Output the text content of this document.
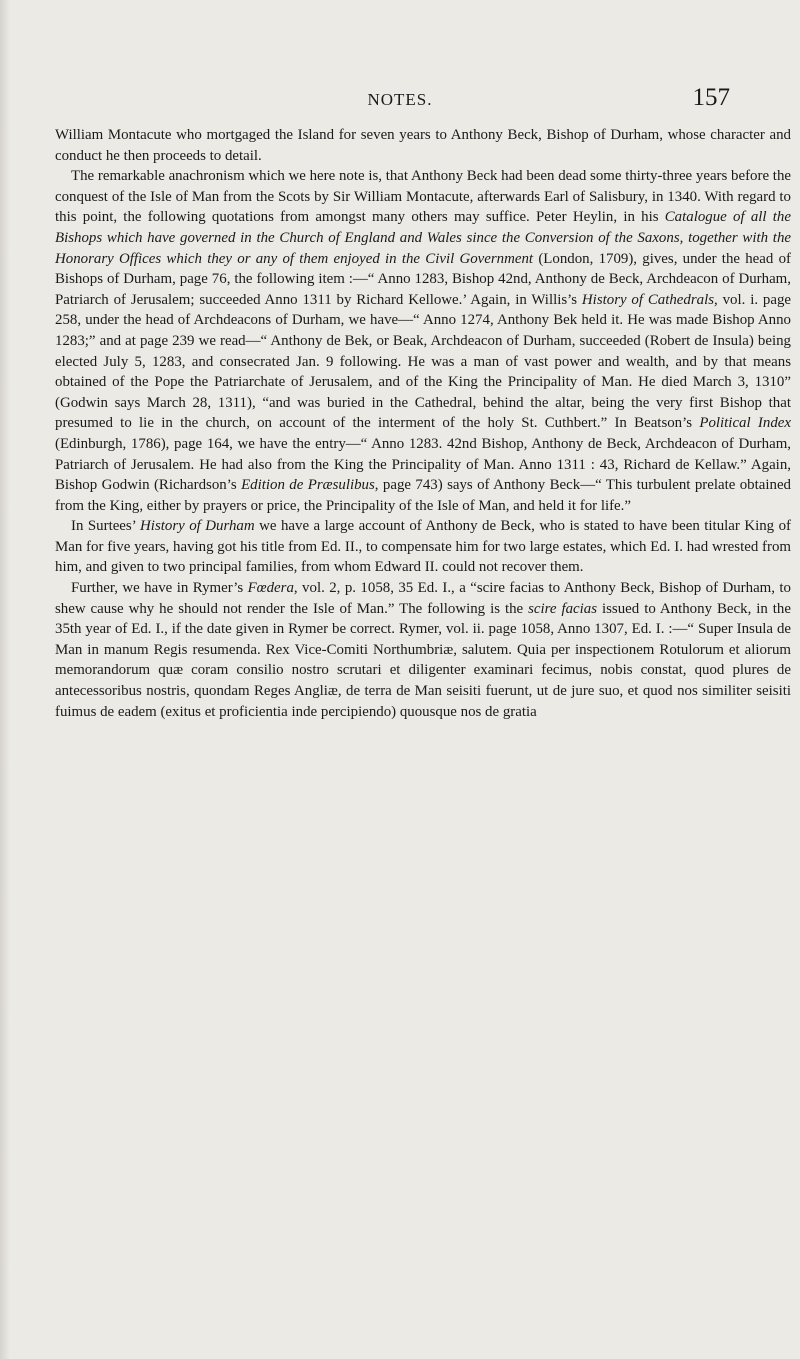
NOTES.	157

William Montacute who mortgaged the Island for seven years to Anthony Beck, Bishop of Durham, whose character and conduct he then proceeds to detail.

The remarkable anachronism which we here note is, that Anthony Beck had been dead some thirty-three years before the conquest of the Isle of Man from the Scots by Sir William Montacute, afterwards Earl of Salisbury, in 1340. With regard to this point, the following quotations from amongst many others may suffice. Peter Heylin, in his Catalogue of all the Bishops which have governed in the Church of England and Wales since the Conversion of the Saxons, together with the Honorary Offices which they or any of them enjoyed in the Civil Government (London, 1709), gives, under the head of Bishops of Durham, page 76, the following item :—“ Anno 1283, Bishop 42nd, Anthony de Beck, Archdeacon of Durham, Patriarch of Jerusalem; succeeded Anno 1311 by Richard Kellowe.’ Again, in Willis’s History of Cathedrals, vol. i. page 258, under the head of Archdeacons of Durham, we have—“ Anno 1274, Anthony Bek held it. He was made Bishop Anno 1283;” and at page 239 we read—“ Anthony de Bek, or Beak, Archdeacon of Durham, succeeded (Robert de Insula) being elected July 5, 1283, and consecrated Jan. 9 following. He was a man of vast power and wealth, and by that means obtained of the Pope the Patriarchate of Jerusalem, and of the King the Principality of Man. He died March 3, 1310” (Godwin says March 28, 1311), “and was buried in the Cathedral, behind the altar, being the very first Bishop that presumed to lie in the church, on account of the interment of the holy St. Cuthbert.” In Beatson’s Political Index (Edinburgh, 1786), page 164, we have the entry—“ Anno 1283. 42nd Bishop, Anthony de Beck, Archdeacon of Durham, Patriarch of Jerusalem. He had also from the King the Principality of Man. Anno 1311 : 43, Richard de Kellaw.” Again, Bishop Godwin (Richardson’s Edition de Præsulibus, page 743) says of Anthony Beck—“ This turbulent prelate obtained from the King, either by prayers or price, the Principality of the Isle of Man, and held it for life.”

In Surtees’ History of Durham we have a large account of Anthony de Beck, who is stated to have been titular King of Man for five years, having got his title from Ed. II., to compensate him for two large estates, which Ed. I. had wrested from him, and given to two principal families, from whom Edward II. could not recover them.

Further, we have in Rymer’s Fœdera, vol. 2, p. 1058, 35 Ed. I., a “scire facias to Anthony Beck, Bishop of Durham, to shew cause why he should not render the Isle of Man.” The following is the scire facias issued to Anthony Beck, in the 35th year of Ed. I., if the date given in Rymer be correct. Rymer, vol. ii. page 1058, Anno 1307, Ed. I. :—“ Super Insula de Man in manum Regis resumenda. Rex Vice-Comiti Northumbriæ, salutem. Quia per inspectionem Rotulorum et aliorum memorandorum quæ coram consilio nostro scrutari et diligenter examinari fecimus, nobis constat, quod plures de antecessoribus nostris, quondam Reges Angliæ, de terra de Man seisiti fuerunt, ut de jure suo, et quod nos similiter seisiti fuimus de eadem (exitus et proficientia inde percipiendo) quousque nos de gratia
